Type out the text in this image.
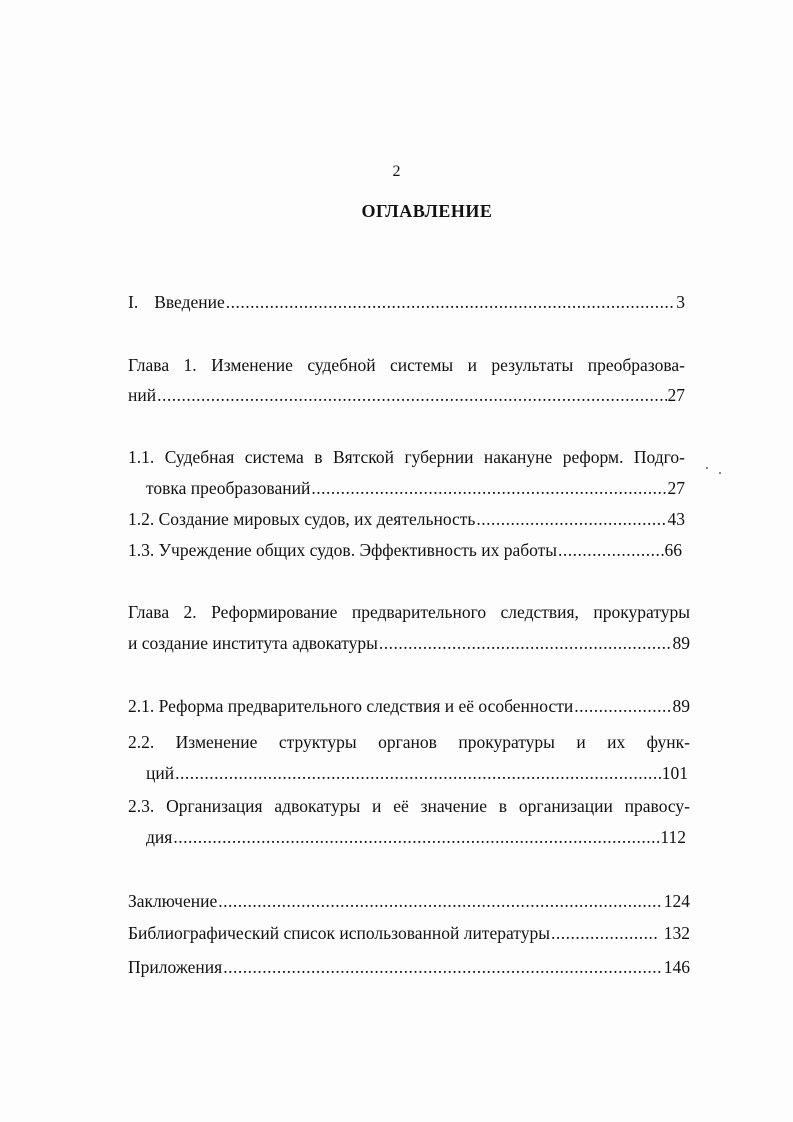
2
ОГЛАВЛЕНИЕ
I. Введение .....	3
Глава 1. Изменение судебной системы и результаты преобразова-
ний .....	27
1.1. Судебная система в Вятской губернии накануне реформ. Подго-
товка преобразований .....	27
1.2. Создание мировых судов, их деятельность .....	43
1.3. Учреждение общих судов. Эффективность их работы .....	66
Глава 2. Реформирование предварительного следствия, прокуратуры
и создание института адвокатуры .....	89
2.1. Реформа предварительного следствия и её особенности .....	89
2.2. Изменение структуры органов прокуратуры и их функ-
ций .....	101
2.3. Организация адвокатуры и её значение в организации правосу-
дия .....	112
Заключение .....	124
Библиографический список использованной литературы .....	132
Приложения .....	146
